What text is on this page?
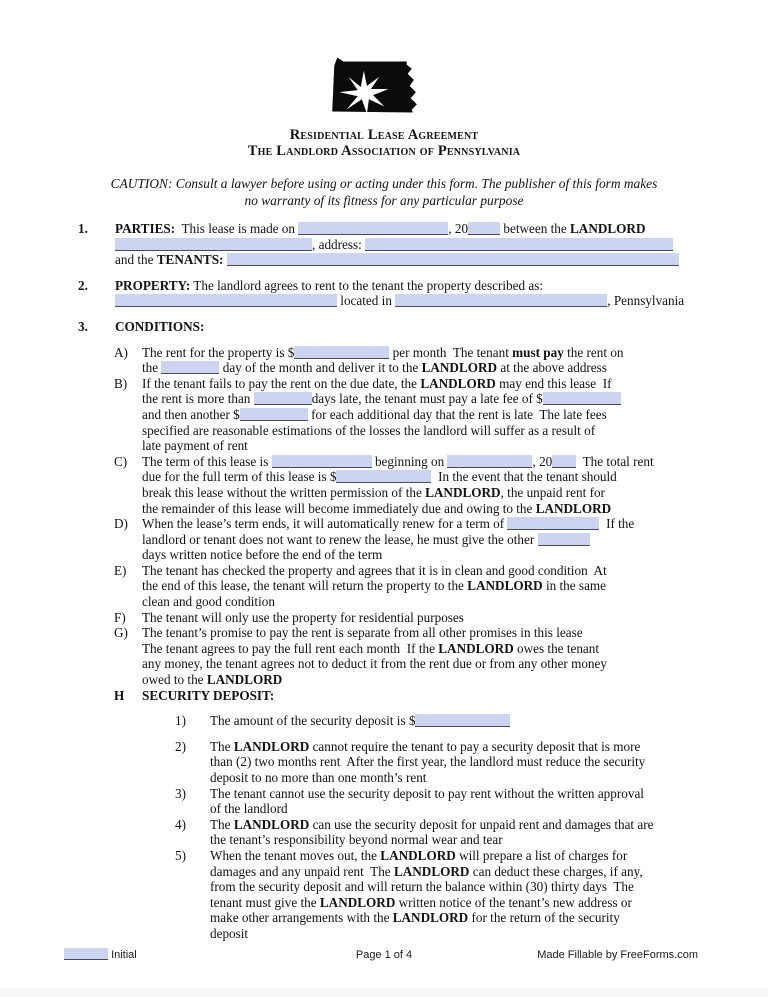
Residential Lease Agreement
The Landlord Association of Pennsylvania
CAUTION: Consult a lawyer before using or acting under this form. The publisher of this form makes
no warranty of its fitness for any particular purpose
1. PARTIES:  This lease is made on	, 20 between the LANDLORD
, address:
and the TENANTS:
2. PROPERTY: The landlord agrees to rent to the tenant the property described as:
located in	, Pennsylvania
3. CONDITIONS:
A) The rent for the property is $	per month  The tenant must pay the rent on
the	day of the month and deliver it to the LANDLORD at the above address
B) If the tenant fails to pay the rent on the due date, the LANDLORD may end this lease  If
the rent is more than	days late, the tenant must pay a late fee of $
and then another $	for each additional day that the rent is late  The late fees
specified are reasonable estimations of the losses the landlord will suffer as a result of
late payment of rent
C) The term of this lease is	beginning on	, 20  The total rent
due for the full term of this lease is $	In the event that the tenant should
break this lease without the written permission of the LANDLORD, the unpaid rent for
the remainder of this lease will become immediately due and owing to the LANDLORD
D) When the lease’s term ends, it will automatically renew for a term of	If the
landlord or tenant does not want to renew the lease, he must give the other
days written notice before the end of the term
E) The tenant has checked the property and agrees that it is in clean and good condition  At
the end of this lease, the tenant will return the property to the LANDLORD in the same
clean and good condition
F) The tenant will only use the property for residential purposes
G) The tenant’s promise to pay the rent is separate from all other promises in this lease
The tenant agrees to pay the full rent each month  If the LANDLORD owes the tenant
any money, the tenant agrees not to deduct it from the rent due or from any other money
owed to the LANDLORD
H SECURITY DEPOSIT:
1) The amount of the security deposit is $
2) The LANDLORD cannot require the tenant to pay a security deposit that is more
than (2) two months rent  After the first year, the landlord must reduce the security
deposit to no more than one month’s rent
3) The tenant cannot use the security deposit to pay rent without the written approval
of the landlord
4) The LANDLORD can use the security deposit for unpaid rent and damages that are
the tenant’s responsibility beyond normal wear and tear
5) When the tenant moves out, the LANDLORD will prepare a list of charges for
damages and any unpaid rent  The LANDLORD can deduct these charges, if any,
from the security deposit and will return the balance within (30) thirty days  The
tenant must give the LANDLORD written notice of the tenant’s new address or
make other arrangements with the LANDLORD for the return of the security
deposit
Initial	Page 1 of 4	Made Fillable by FreeForms.com
